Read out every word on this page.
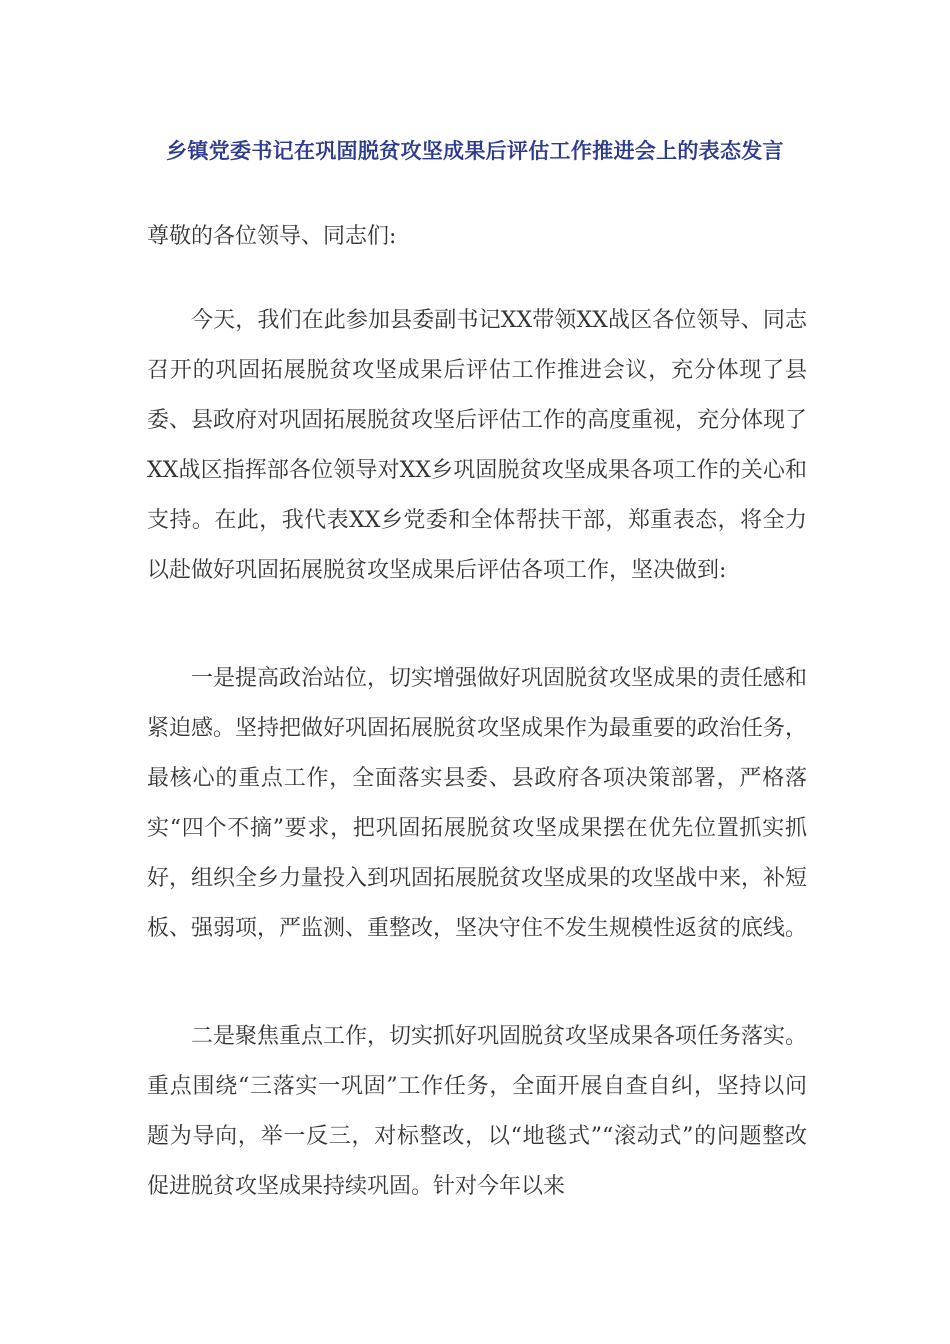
乡镇党委书记在巩固脱贫攻坚成果后评估工作推进会上的表态发言
尊敬的各位领导、同志们:

今天，我们在此参加县委副书记XX带领XX战区各位领导、同志召开的巩固拓展脱贫攻坚成果后评估工作推进会议，充分体现了县委、县政府对巩固拓展脱贫攻坚后评估工作的高度重视，充分体现了XX战区指挥部各位领导对XX乡巩固脱贫攻坚成果各项工作的关心和支持。在此，我代表XX乡党委和全体帮扶干部，郑重表态，将全力以赴做好巩固拓展脱贫攻坚成果后评估各项工作，坚决做到:

一是提高政治站位，切实增强做好巩固脱贫攻坚成果的责任感和紧迫感。坚持把做好巩固拓展脱贫攻坚成果作为最重要的政治任务，最核心的重点工作，全面落实县委、县政府各项决策部署，严格落实“四个不摘”要求，把巩固拓展脱贫攻坚成果摆在优先位置抓实抓好，组织全乡力量投入到巩固拓展脱贫攻坚成果的攻坚战中来，补短板、强弱项，严监测、重整改，坚决守住不发生规模性返贫的底线。

二是聚焦重点工作，切实抓好巩固脱贫攻坚成果各项任务落实。重点围绕“三落实一巩固”工作任务，全面开展自查自纠，坚持以问题为导向，举一反三，对标整改，以“地毯式”“滚动式”的问题整改促进脱贫攻坚成果持续巩固。针对今年以来
